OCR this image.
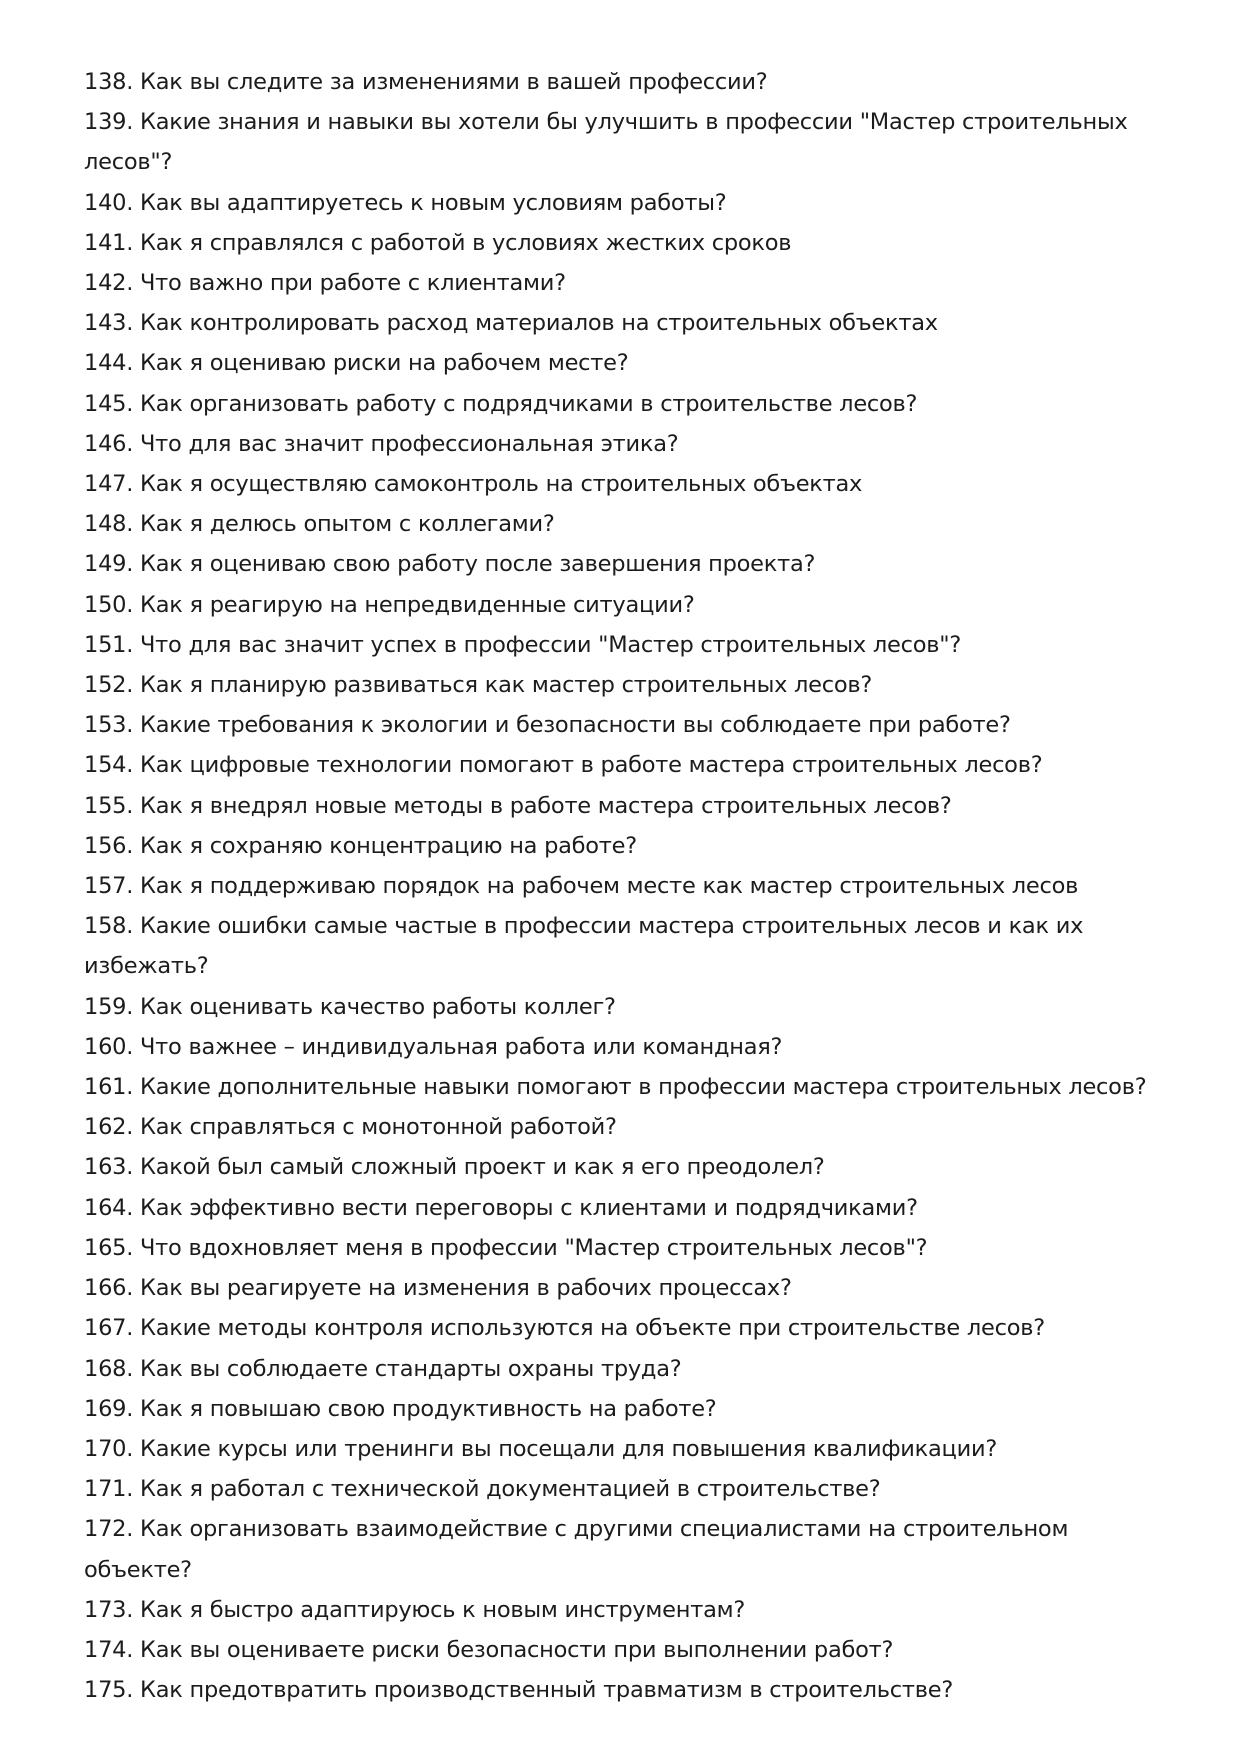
138. Как вы следите за изменениями в вашей профессии?
139. Какие знания и навыки вы хотели бы улучшить в профессии "Мастер строительных лесов"?
140. Как вы адаптируетесь к новым условиям работы?
141. Как я справлялся с работой в условиях жестких сроков
142. Что важно при работе с клиентами?
143. Как контролировать расход материалов на строительных объектах
144. Как я оцениваю риски на рабочем месте?
145. Как организовать работу с подрядчиками в строительстве лесов?
146. Что для вас значит профессиональная этика?
147. Как я осуществляю самоконтроль на строительных объектах
148. Как я делюсь опытом с коллегами?
149. Как я оцениваю свою работу после завершения проекта?
150. Как я реагирую на непредвиденные ситуации?
151. Что для вас значит успех в профессии "Мастер строительных лесов"?
152. Как я планирую развиваться как мастер строительных лесов?
153. Какие требования к экологии и безопасности вы соблюдаете при работе?
154. Как цифровые технологии помогают в работе мастера строительных лесов?
155. Как я внедрял новые методы в работе мастера строительных лесов?
156. Как я сохраняю концентрацию на работе?
157. Как я поддерживаю порядок на рабочем месте как мастер строительных лесов
158. Какие ошибки самые частые в профессии мастера строительных лесов и как их избежать?
159. Как оценивать качество работы коллег?
160. Что важнее – индивидуальная работа или командная?
161. Какие дополнительные навыки помогают в профессии мастера строительных лесов?
162. Как справляться с монотонной работой?
163. Какой был самый сложный проект и как я его преодолел?
164. Как эффективно вести переговоры с клиентами и подрядчиками?
165. Что вдохновляет меня в профессии "Мастер строительных лесов"?
166. Как вы реагируете на изменения в рабочих процессах?
167. Какие методы контроля используются на объекте при строительстве лесов?
168. Как вы соблюдаете стандарты охраны труда?
169. Как я повышаю свою продуктивность на работе?
170. Какие курсы или тренинги вы посещали для повышения квалификации?
171. Как я работал с технической документацией в строительстве?
172. Как организовать взаимодействие с другими специалистами на строительном объекте?
173. Как я быстро адаптируюсь к новым инструментам?
174. Как вы оцениваете риски безопасности при выполнении работ?
175. Как предотвратить производственный травматизм в строительстве?
